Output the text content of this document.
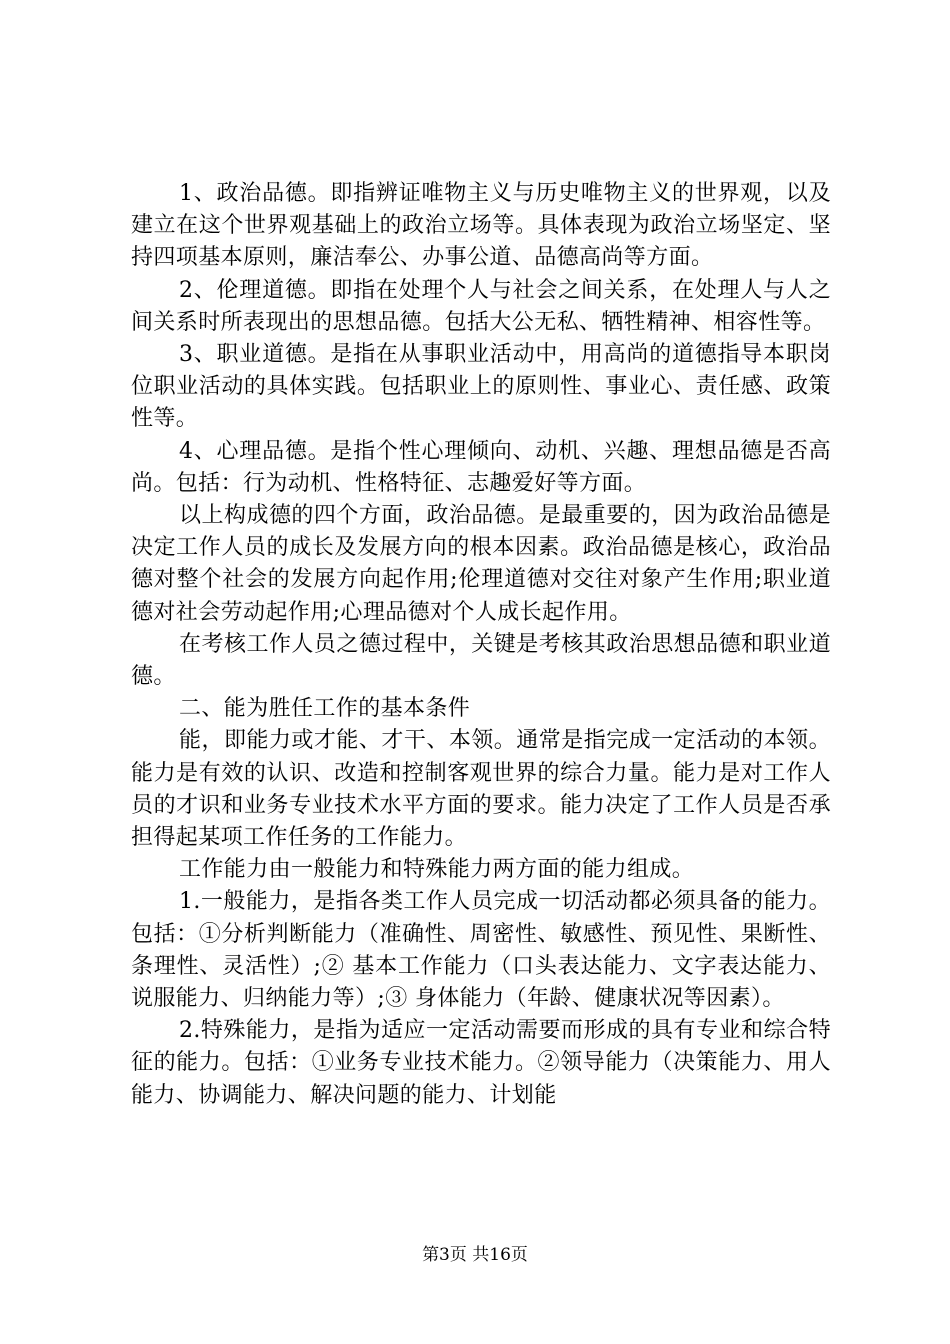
1、政治品德。即指辨证唯物主义与历史唯物主义的世界观，以及建立在这个世界观基础上的政治立场等。具体表现为政治立场坚定、坚持四项基本原则，廉洁奉公、办事公道、品德高尚等方面。

2、伦理道德。即指在处理个人与社会之间关系，在处理人与人之间关系时所表现出的思想品德。包括大公无私、牺牲精神、相容性等。

3、职业道德。是指在从事职业活动中，用高尚的道德指导本职岗位职业活动的具体实践。包括职业上的原则性、事业心、责任感、政策性等。

4、心理品德。是指个性心理倾向、动机、兴趣、理想品德是否高尚。包括：行为动机、性格特征、志趣爱好等方面。

以上构成德的四个方面，政治品德。是最重要的，因为政治品德是决定工作人员的成长及发展方向的根本因素。政治品德是核心，政治品德对整个社会的发展方向起作用;伦理道德对交往对象产生作用;职业道德对社会劳动起作用;心理品德对个人成长起作用。

在考核工作人员之德过程中，关键是考核其政治思想品德和职业道德。

二、能为胜任工作的基本条件

能，即能力或才能、才干、本领。通常是指完成一定活动的本领。能力是有效的认识、改造和控制客观世界的综合力量。能力是对工作人员的才识和业务专业技术水平方面的要求。能力决定了工作人员是否承担得起某项工作任务的工作能力。

工作能力由一般能力和特殊能力两方面的能力组成。

1.一般能力，是指各类工作人员完成一切活动都必须具备的能力。包括：①分析判断能力（准确性、周密性、敏感性、预见性、果断性、条理性、灵活性）;② 基本工作能力（口头表达能力、文字表达能力、说服能力、归纳能力等）;③ 身体能力（年龄、健康状况等因素）。

2.特殊能力，是指为适应一定活动需要而形成的具有专业和综合特征的能力。包括：①业务专业技术能力。②领导能力（决策能力、用人能力、协调能力、解决问题的能力、计划能

第3页 共16页
